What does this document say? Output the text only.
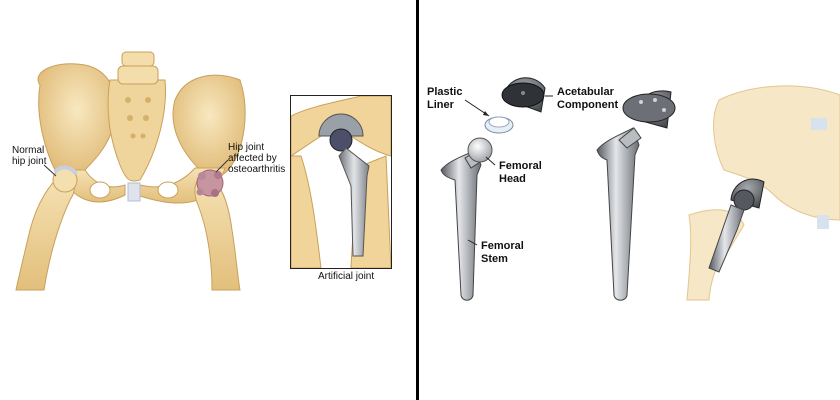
Normal
hip joint
Hip joint
affected by
osteoarthritis
Artificial joint
Plastic
Liner
Acetabular
Component
Femoral
Head
Femoral
Stem
